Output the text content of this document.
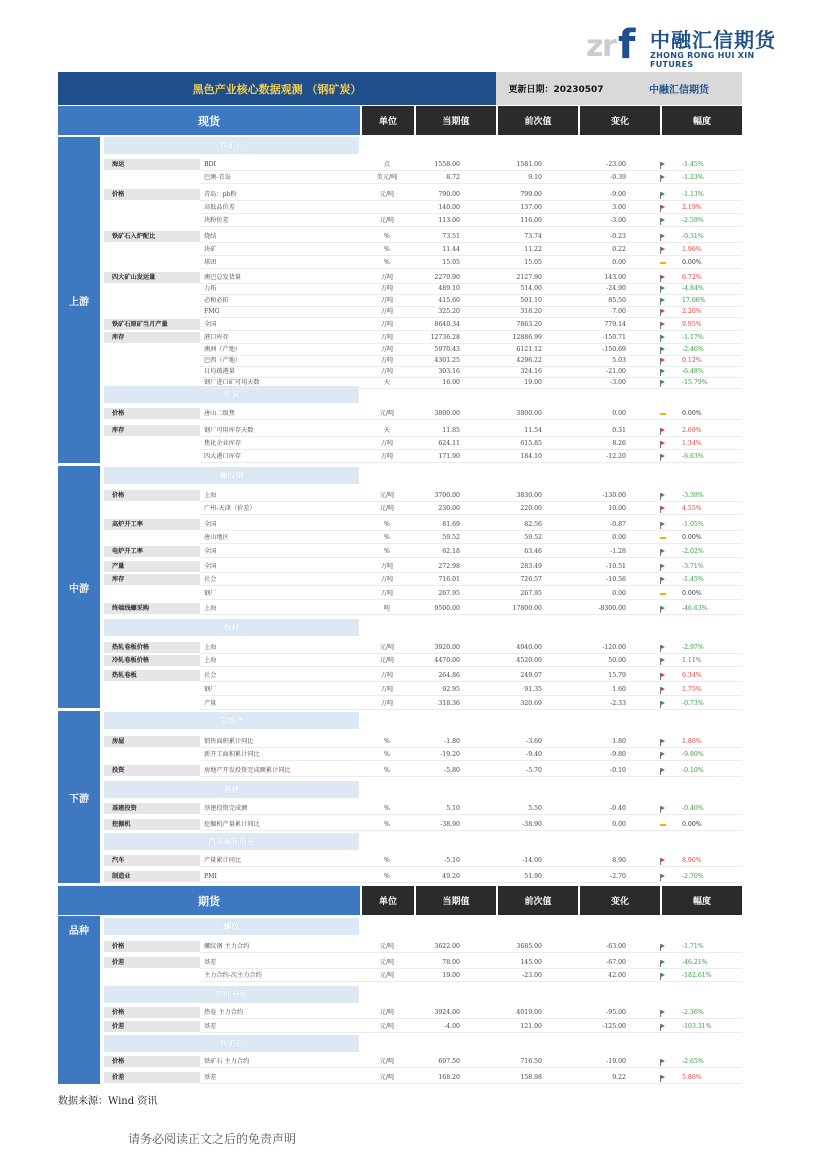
z
r f 中融汇信期货
ZHONG RONG HUI XIN FUTURES
黑色产业核心数据观测 （钢矿炭）	更新日期：20230507	中融汇信期货
现货	单位	当期值	前次值	变化	幅度
上游
中游
下游
品种
铁矿石
焦炭
螺纹钢
板材
房地产
基建
汽车&制造业
期货	单位	当期值	前次值	变化	幅度
螺纹
热轧卷板
铁矿石
海运	BDI	点	1558.00	1581.00	-23.00	-1.45%
巴澳-青岛	美元/吨	8.72	9.10	-0.39	-1.23%
价格	青岛：pb粉	元/吨	790.00	799.00	-9.00	-1.13%
高低品价差	140.00	137.00	3.00	2.19%
块粉价差	元/吨	113.00	116.00	-3.00	-2.59%
铁矿石入炉配比	烧结	%	73.51	73.74	-0.23	-0.31%
块矿	%	11.44	11.22	0.22	1.96%
球团	%	15.05	15.05	0.00	0.00%
四大矿山发运量	澳巴总发货量	万吨	2270.90	2127.90	143.00	6.72%
力拓	万吨	489.10	514.00	-24.90	-4.84%
必和必拓	万吨	415.60	501.10	85.50	17.06%
FMG	万吨	325.20	318.20	7.00	2.20%
铁矿石原矿当月产量	全国	万吨	8640.34	7863.20	779.14	9.95%
库存	港口库存	万吨	12736.28	12886.99	-150.71	-1.17%
澳洲（产地）	万吨	5970.43	6121.12	-150.69	-2.46%
巴西（产地）	万吨	4301.25	4296.22	5.03	0.12%
日均疏港量	万吨	303.16	324.16	-21.00	-6.48%
钢厂进口矿可用天数	天	16.00	19.00	-3.00	-15.79%
价格	唐山二级焦	元/吨	3800.00	3800.00	0.00	0.00%
库存	钢厂可用库存天数	天	11.85	11.54	0.31	2.69%
焦化企业库存	万吨	624.11	615.85	8.26	1.34%
四大港口库存	万吨	171.90	184.10	-12.20	-6.63%
价格	上海	元/吨	3700.00	3830.00	-130.00	-3.39%
广州-天津（价差）	元/吨	230.00	220.00	10.00	4.55%
高炉开工率	全国	%	81.69	82.56	-0.87	-1.05%
唐山地区	%	59.52	59.52	0.00	0.00%
电炉开工率	全国	%	62.18	63.46	-1.28	-2.02%
产量	全国	万吨	272.98	283.49	-10.51	-3.71%
库存	社会	万吨	716.01	726.57	-10.56	-1.45%
钢厂	万吨	267.95	267.95	0.00	0.00%
终端线螺采购	上海	吨	9500.00	17800.00	-8300.00	-46.63%
热轧卷板价格	上海	元/吨	3920.00	4040.00	-120.00	-2.97%
冷轧卷板价格	上海	元/吨	4470.00	4520.00	50.00	1.11%
热轧卷板	社会	万吨	264.86	249.07	15.79	6.34%
钢厂	万吨	92.95	91.35	1.60	1.75%
产量	万吨	318.36	320.69	-2.33	-0.73%
房屋	销售面积累计同比	%	-1.80	-3.60	1.80	1.80%
新开工面积累计同比	%	-19.20	-9.40	-9.80	-9.80%
投资	房地产开发投资完成额累计同比	%	-5.80	-5.70	-0.10	-0.10%
基建投资	基建投资完成额	%	5.10	5.50	-0.40	-0.40%
挖掘机	挖掘机产量累计同比	%	-38.90	-38.90	0.00	0.00%
汽车	产量累计同比	%	-5.10	-14.00	8.90	8.90%
制造业	PMI	%	49.20	51.90	-2.70	-2.70%
价格	螺纹钢 主力合约	元/吨	3622.00	3685.00	-63.00	-1.71%
价差	基差	元/吨	78.00	145.00	-67.00	-46.21%
主力合约-次主力合约	元/吨	19.00	-23.00	42.00	-182.61%
价格	热卷 主力合约	元/吨	3924.00	4019.00	-95.00	-2.36%
价差	基差	元/吨	-4.00	121.00	-125.00	-103.31%
价格	铁矿石 主力合约	元/吨	697.50	716.50	-19.00	-2.65%
价差	基差	元/吨	168.20	158.98	9.22	5.80%
数据来源：Wind 资讯
请务必阅读正文之后的免责声明
